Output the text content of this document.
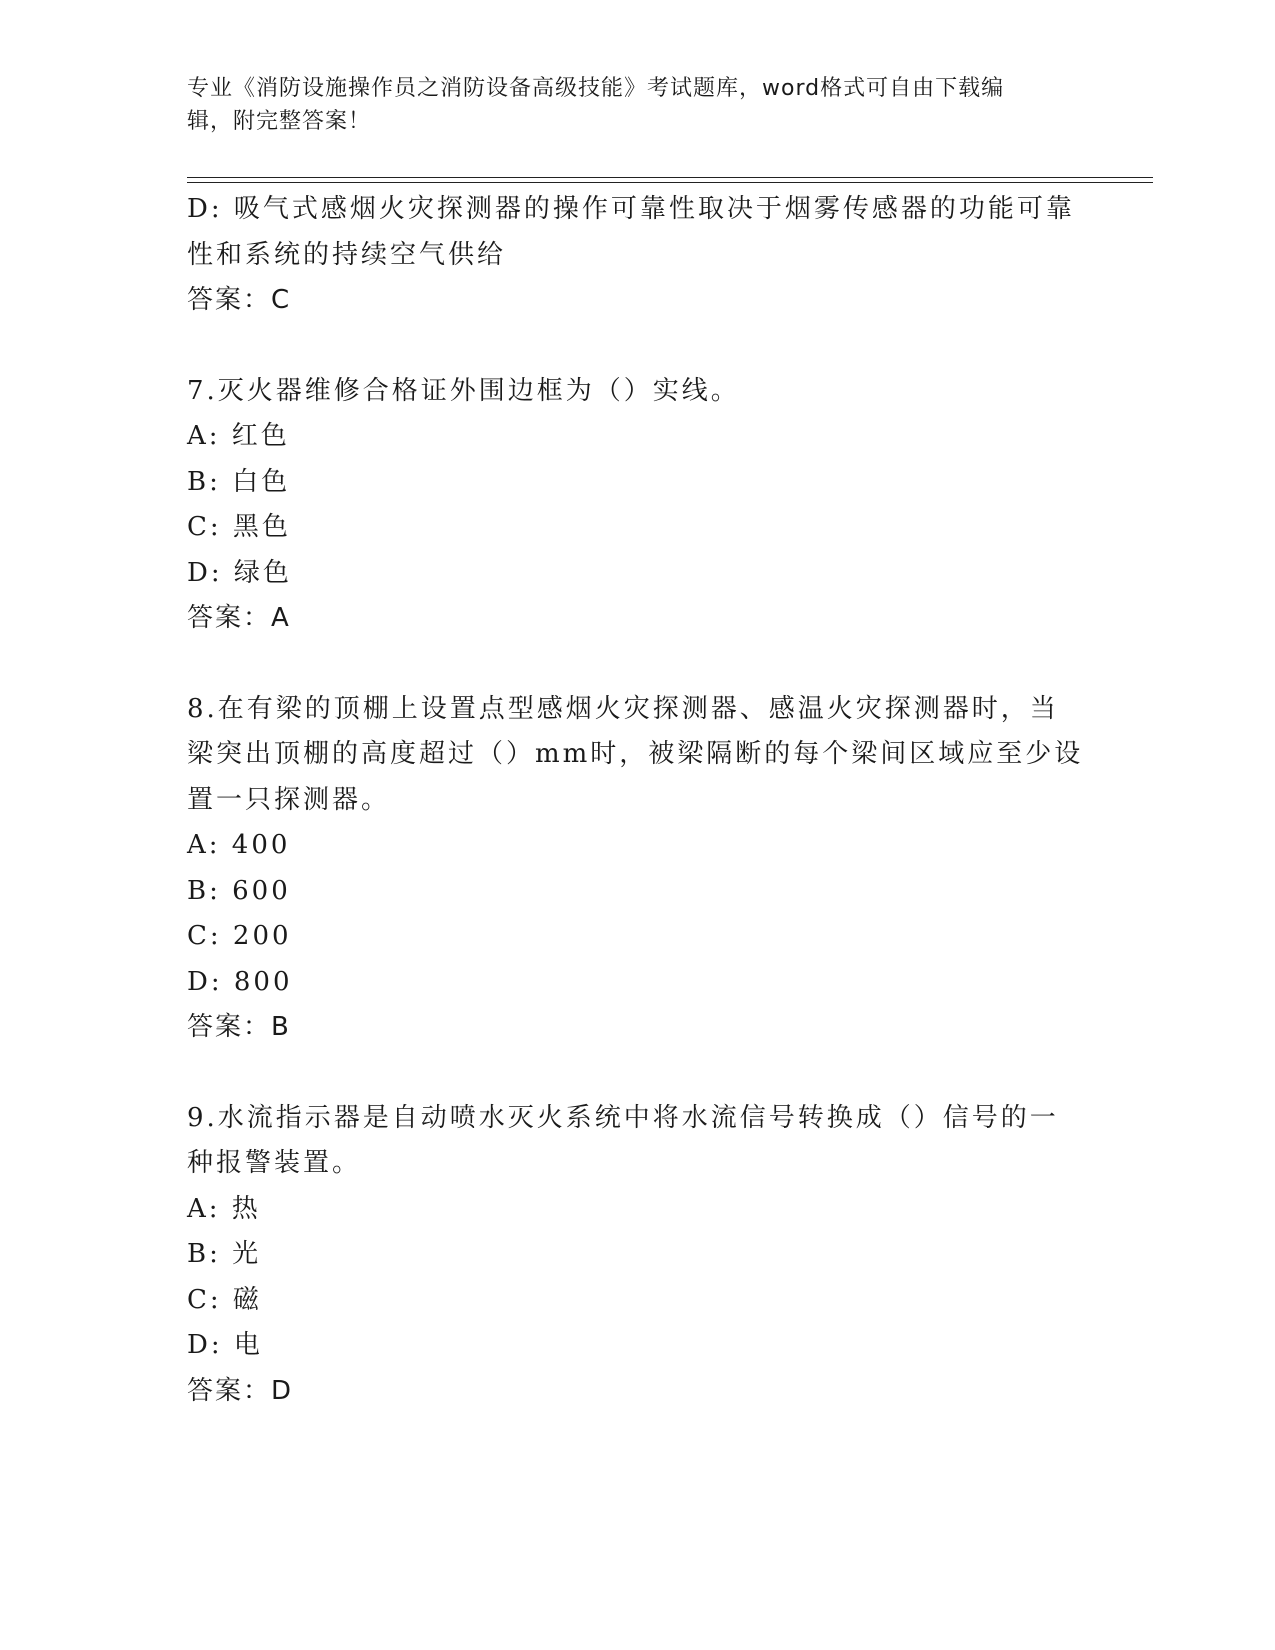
专业《消防设施操作员之消防设备高级技能》考试题库，word格式可自由下载编
辑，附完整答案！
D: 吸气式感烟火灾探测器的操作可靠性取决于烟雾传感器的功能可靠
性和系统的持续空气供给
答案：C
7.灭火器维修合格证外围边框为（）实线。
A: 红色
B: 白色
C: 黑色
D: 绿色
答案：A
8.在有梁的顶棚上设置点型感烟火灾探测器、感温火灾探测器时，当
梁突出顶棚的高度超过（）mm时，被梁隔断的每个梁间区域应至少设
置一只探测器。
A: 400
B: 600
C: 200
D: 800
答案：B
9.水流指示器是自动喷水灭火系统中将水流信号转换成（）信号的一
种报警装置。
A: 热
B: 光
C: 磁
D: 电
答案：D
